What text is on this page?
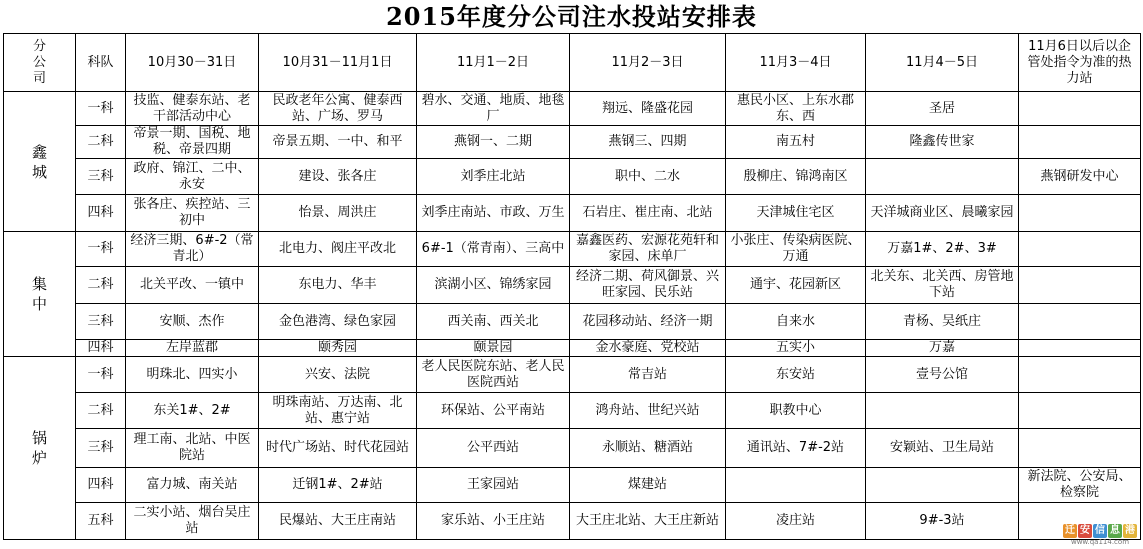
2015年度分公司注水投站安排表
分公司	科队	10月30－31日	10月31－11月1日	11月1－2日	11月2－3日	11月3－4日	11月4－5日	11月6日以后以企管处指令为准的热力站
鑫城	一科	技监、健泰东站、老干部活动中心	民政老年公寓、健泰西站、广场、罗马	碧水、交通、地质、地毯厂	翔远、隆盛花园	惠民小区、上东水郡东、西	圣居	
	二科	帝景一期、国税、地税、帝景四期	帝景五期、一中、和平	燕钢一、二期	燕钢三、四期	南五村	隆鑫传世家	
	三科	政府、锦江、二中、永安	建设、张各庄	刘季庄北站	职中、二水	殷柳庄、锦鸿南区		燕钢研发中心
	四科	张各庄、疾控站、三初中	怡景、周洪庄	刘季庄南站、市政、万生	石岩庄、崔庄南、北站	天津城住宅区	天洋城商业区、晨曦家园	
集中	一科	经济三期、6#-2（常青北）	北电力、阀庄平改北	6#-1（常青南）、三高中	嘉鑫医药、宏源花苑轩和家园、床单厂	小张庄、传染病医院、万通	万嘉1#、2#、3#	
	二科	北关平改、一镇中	东电力、华丰	滨湖小区、锦绣家园	经济二期、荷风御景、兴旺家园、民乐站	通宇、花园新区	北关东、北关西、房管地下站	
	三科	安顺、杰作	金色港湾、绿色家园	西关南、西关北	花园移动站、经济一期	自来水	青杨、吴纸庄	
	四科	左岸蓝郡	颐秀园	颐景园	金水豪庭、党校站	五实小	万嘉	
锅炉	一科	明珠北、四实小	兴安、法院	老人民医院东站、老人民医院西站	常吉站	东安站	壹号公馆	
	二科	东关1#、2#	明珠南站、万达南、北站、惠宁站	环保站、公平南站	鸿舟站、世纪兴站	职教中心		
	三科	理工南、北站、中医院站	时代广场站、时代花园站	公平西站	永顺站、糖酒站	通讯站、7#-2站	安颖站、卫生局站	
	四科	富力城、南关站	迁钢1#、2#站	王家园站	煤建站			新法院、公安局、检察院
	五科	二实小站、烟台吴庄站	民爆站、大王庄南站	家乐站、小王庄站	大王庄北站、大王庄新站	凌庄站	9#-3站	
迁 安 信 息 港
www.qa114.com
